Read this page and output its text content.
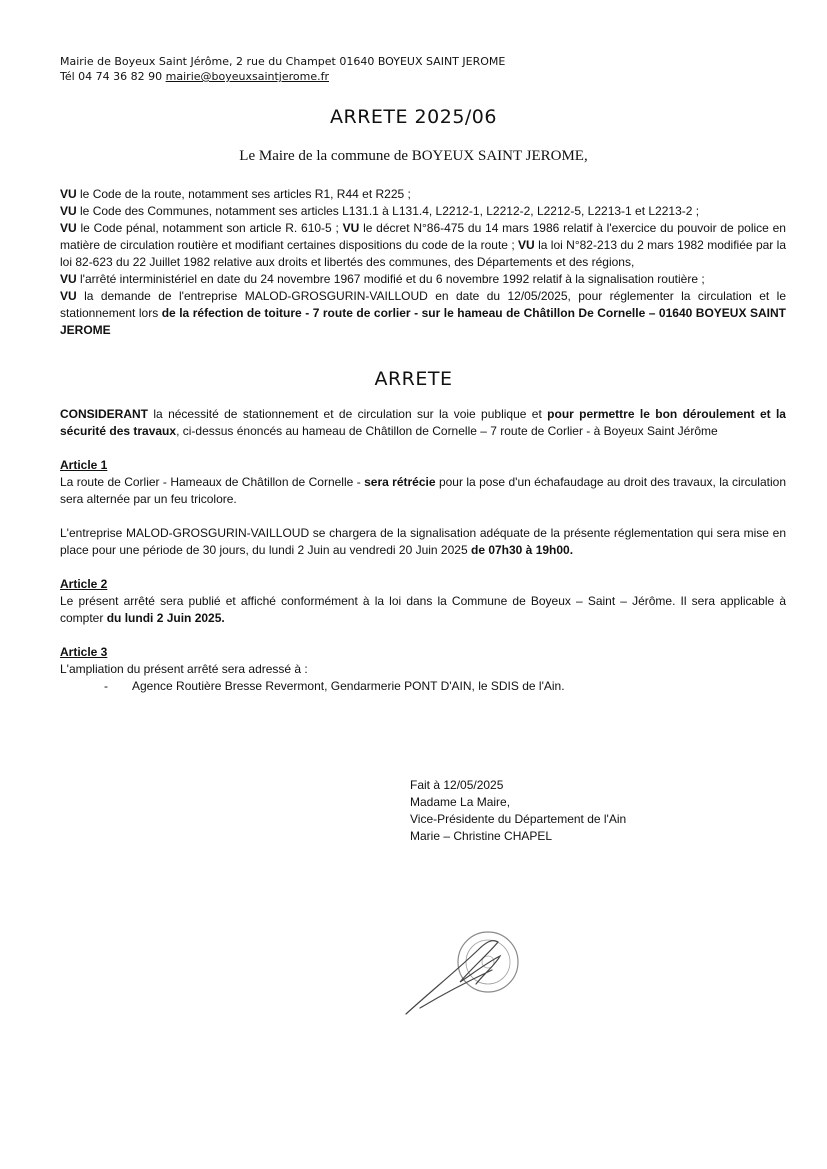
Mairie de Boyeux Saint Jérôme, 2 rue du Champet 01640 BOYEUX SAINT JEROME
Tél 04 74 36 82 90 mairie@boyeuxsaintjerome.fr
ARRETE 2025/06
Le Maire de la commune de BOYEUX SAINT JEROME,

VU le Code de la route, notamment ses articles R1, R44 et R225 ;

VU le Code des Communes, notamment ses articles L131.1 à L131.4, L2212-1, L2212-2, L2212-5, L2213-1 et L2213-2 ;

VU le Code pénal, notamment son article R. 610-5 ; VU le décret N°86-475 du 14 mars 1986 relatif à l'exercice du pouvoir de police en matière de circulation routière et modifiant certaines dispositions du code de la route ; VU la loi N°82-213 du 2 mars 1982 modifiée par la loi 82-623 du 22 Juillet 1982 relative aux droits et libertés des communes, des Départements et des régions,

VU l'arrêté interministériel en date du 24 novembre 1967 modifié et du 6 novembre 1992 relatif à la signalisation routière ;

VU la demande de l'entreprise MALOD-GROSGURIN-VAILLOUD en date du 12/05/2025, pour réglementer la circulation et le stationnement lors de la réfection de toiture - 7 route de corlier - sur le hameau de Châtillon De Cornelle – 01640 BOYEUX SAINT JEROME

ARRETE

CONSIDERANT la nécessité de stationnement et de circulation sur la voie publique et pour permettre le bon déroulement et la sécurité des travaux, ci-dessus énoncés au hameau de Châtillon de Cornelle – 7 route de Corlier - à Boyeux Saint Jérôme

Article 1

La route de Corlier - Hameaux de Châtillon de Cornelle - sera rétrécie pour la pose d'un échafaudage au droit des travaux, la circulation sera alternée par un feu tricolore.

L'entreprise MALOD-GROSGURIN-VAILLOUD se chargera de la signalisation adéquate de la présente réglementation qui sera mise en place pour une période de 30 jours, du lundi 2 Juin au vendredi 20 Juin 2025 de 07h30 à 19h00.

Article 2

Le présent arrêté sera publié et affiché conformément à la loi dans la Commune de Boyeux – Saint – Jérôme. Il sera applicable à compter du lundi 2 Juin 2025.

Article 3

L'ampliation du présent arrêté sera adressé à :

- Agence Routière Bresse Revermont, Gendarmerie PONT D'AIN, le SDIS de l'Ain.

Fait à 12/05/2025

Madame La Maire,

Vice-Présidente du Département de l'Ain

Marie – Christine CHAPEL
